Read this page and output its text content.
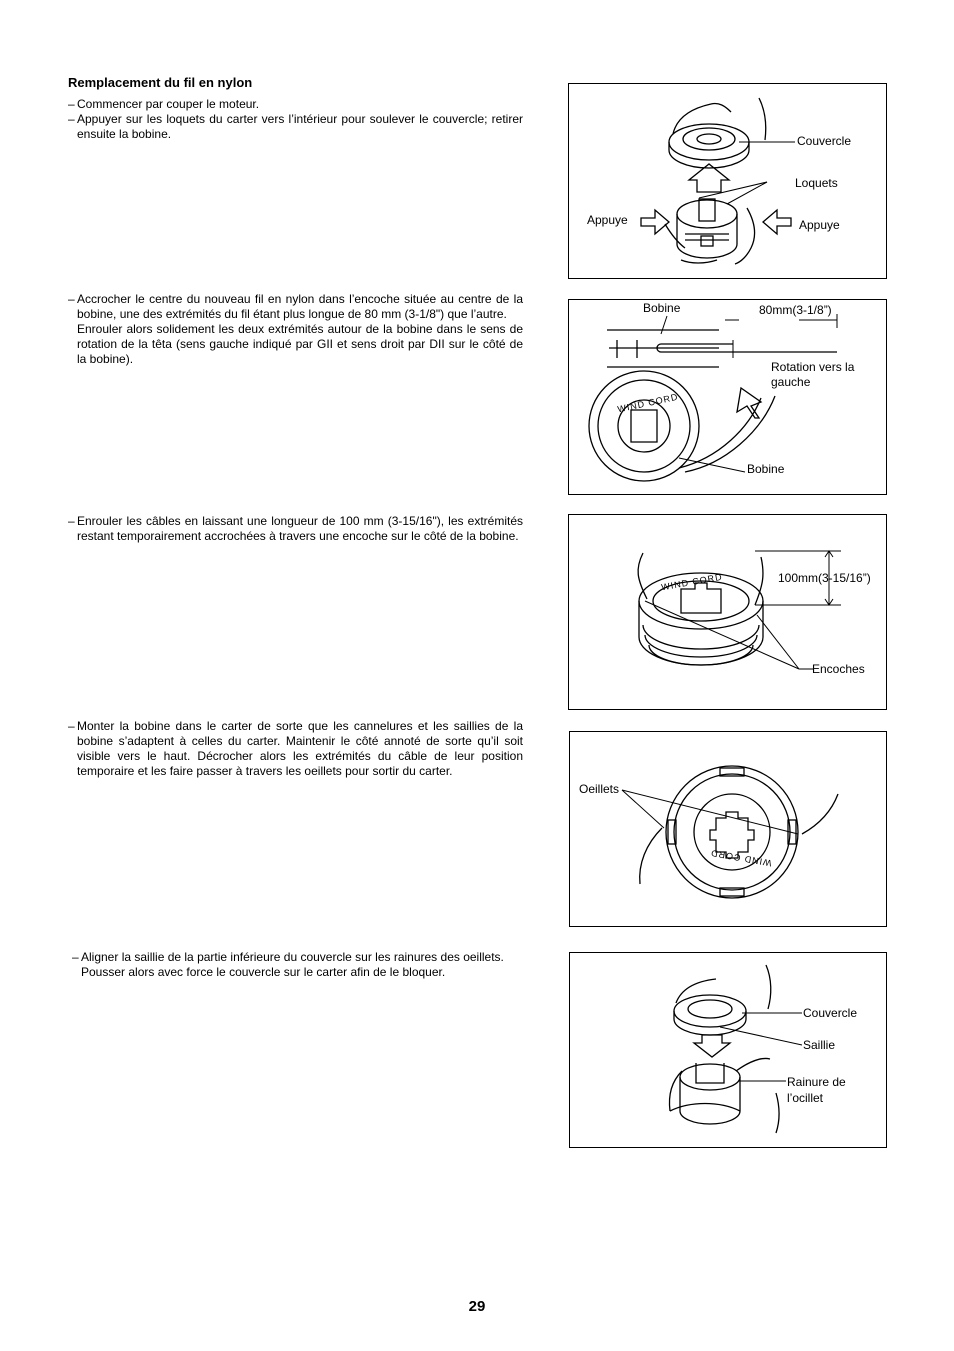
Remplacement du fil en nylon
– Commencer par couper le moteur.
– Appuyer sur les loquets du carter vers l’intérieur pour soulever le couvercle; retirer ensuite la bobine.	Couvercle
Loquets
Appuye	Appuye
– Accrocher le centre du nouveau fil en nylon dans l’encoche située au centre de la bobine, une des extrémités du fil étant plus longue de 80 mm (3-1/8") que l’autre.
Enrouler alors solidement les deux extrémités autour de la bobine dans le sens de rotation de la têta (sens gauche indiqué par GII et sens droit par DII sur le côté de la bobine).
WIND CORD
Bobine	80mm(3-1/8”)
Rotation vers la
gauche
Bobine
– Enrouler les câbles en laissant une longueur de 100 mm (3-15/16"), les extrémités restant temporairement accrochées à travers une encoche sur le côté de la bobine.
WIND CORD	100mm(3-15/16”)
Encoches
– Monter la bobine dans le carter de sorte que les cannelures et les saillies de la bobine s’adaptent à celles du carter. Maintenir le côté annoté de sorte qu’il soit visible vers le haut. Décrocher alors les extrémités du câble de leur position temporaire et les faire passer à travers les oeillets pour sortir du carter.
WIND CORD
Oeillets
– Aligner la saillie de la partie inférieure du couvercle sur les rainures des oeillets.
Pousser alors avec force le couvercle sur le carter afin de le bloquer.
Couvercle
Saillie
Rainure de
l’ocillet
29
